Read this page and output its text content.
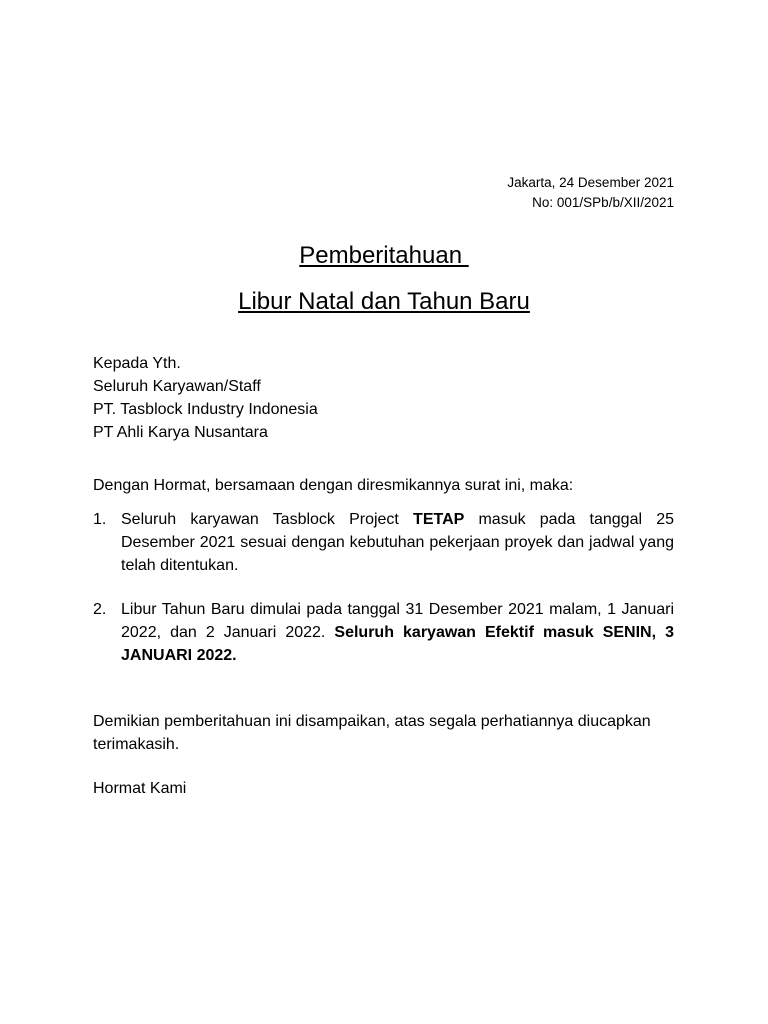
Jakarta, 24 Desember 2021
No: 001/SPb/b/XII/2021
Pemberitahuan
Libur Natal dan Tahun Baru
Kepada Yth.
Seluruh Karyawan/Staff
PT. Tasblock Industry Indonesia
PT Ahli Karya Nusantara
Dengan Hormat, bersamaan dengan diresmikannya surat ini, maka:
1. Seluruh karyawan Tasblock Project TETAP masuk pada tanggal 25 Desember 2021 sesuai dengan kebutuhan pekerjaan proyek dan jadwal yang telah ditentukan.
2. Libur Tahun Baru dimulai pada tanggal 31 Desember 2021 malam, 1 Januari 2022, dan 2 Januari 2022. Seluruh karyawan Efektif masuk SENIN, 3 JANUARI 2022.
Demikian pemberitahuan ini disampaikan, atas segala perhatiannya diucapkan terimakasih.
Hormat Kami
